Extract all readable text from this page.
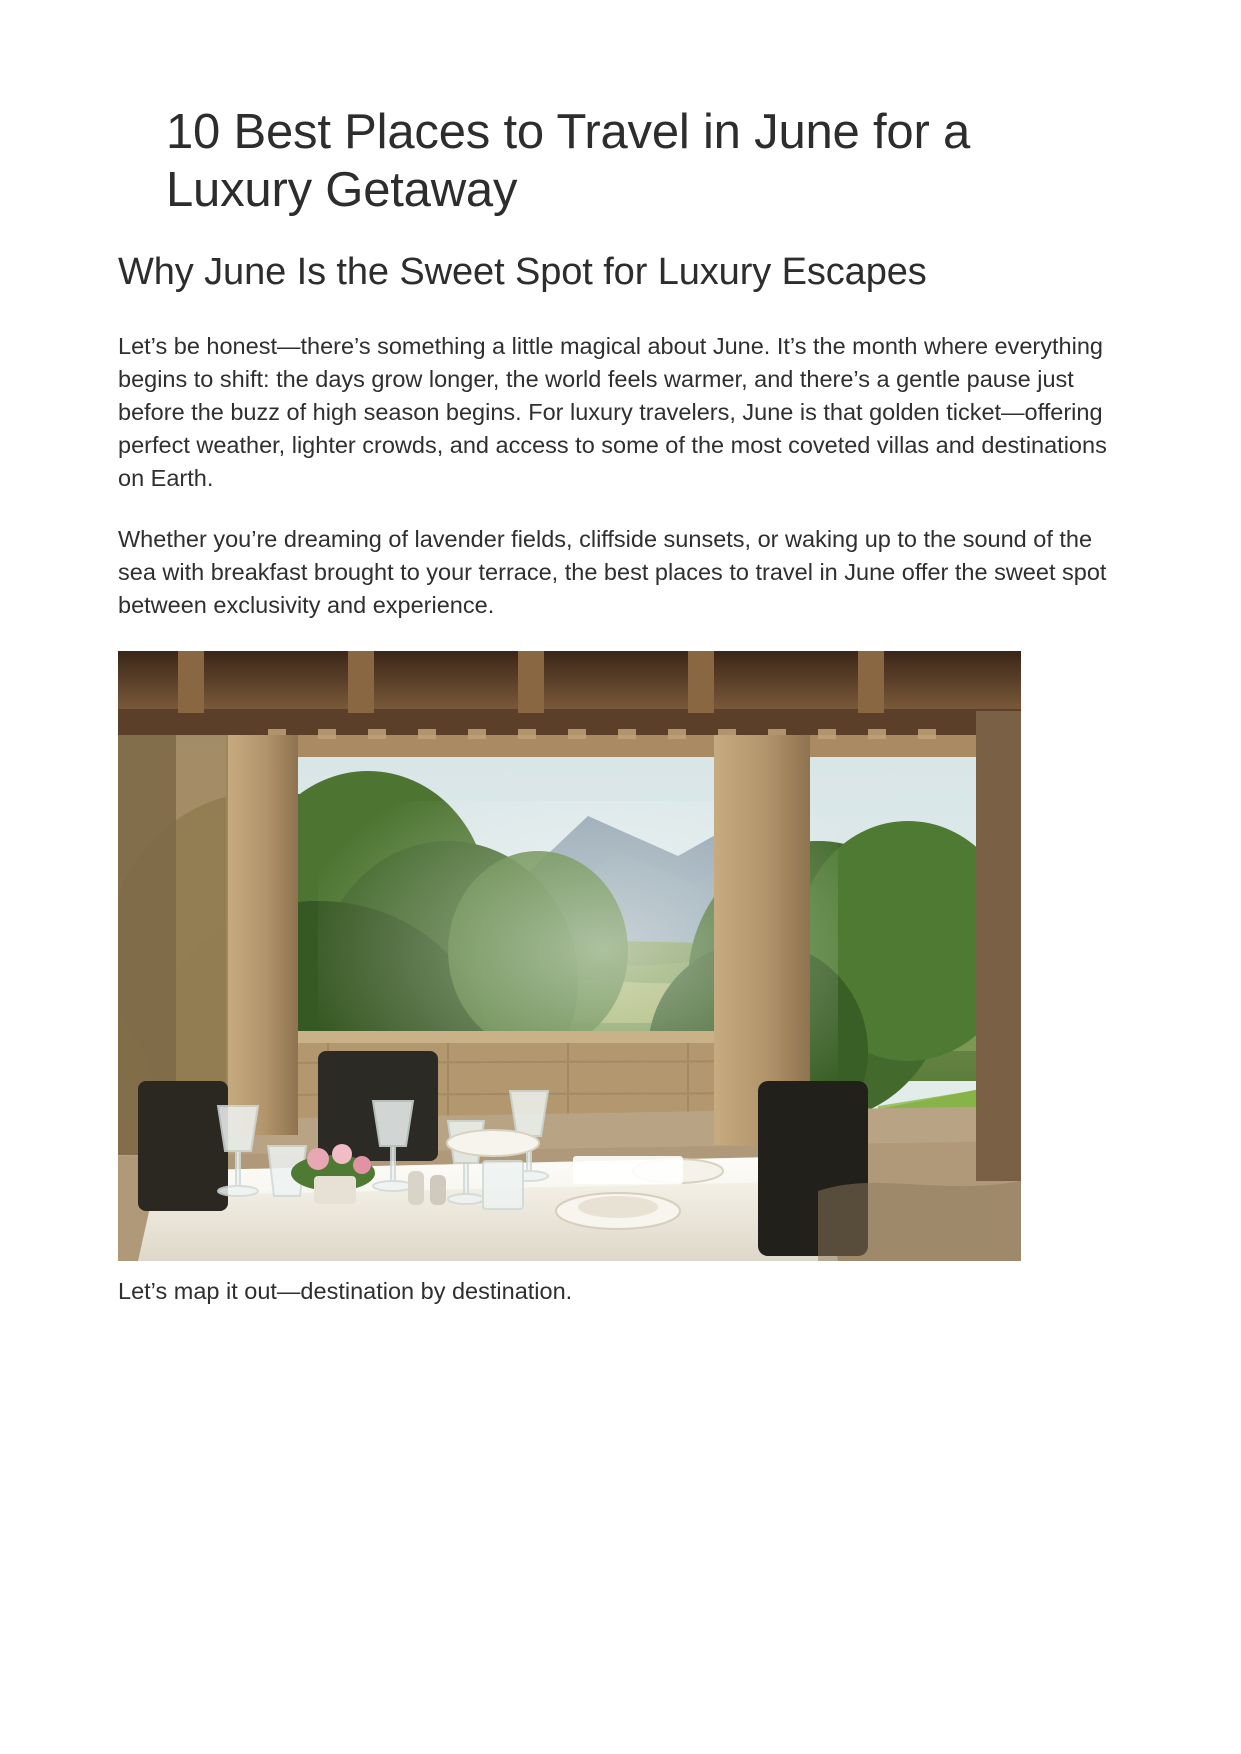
10 Best Places to Travel in June for a Luxury Getaway
Why June Is the Sweet Spot for Luxury Escapes

Let’s be honest—there’s something a little magical about June. It’s the month where everything begins to shift: the days grow longer, the world feels warmer, and there’s a gentle pause just before the buzz of high season begins. For luxury travelers, June is that golden ticket—offering perfect weather, lighter crowds, and access to some of the most coveted villas and destinations on Earth.

Whether you’re dreaming of lavender fields, cliffside sunsets, or waking up to the sound of the sea with breakfast brought to your terrace, the best places to travel in June offer the sweet spot between exclusivity and experience.

Let’s map it out—destination by destination.
